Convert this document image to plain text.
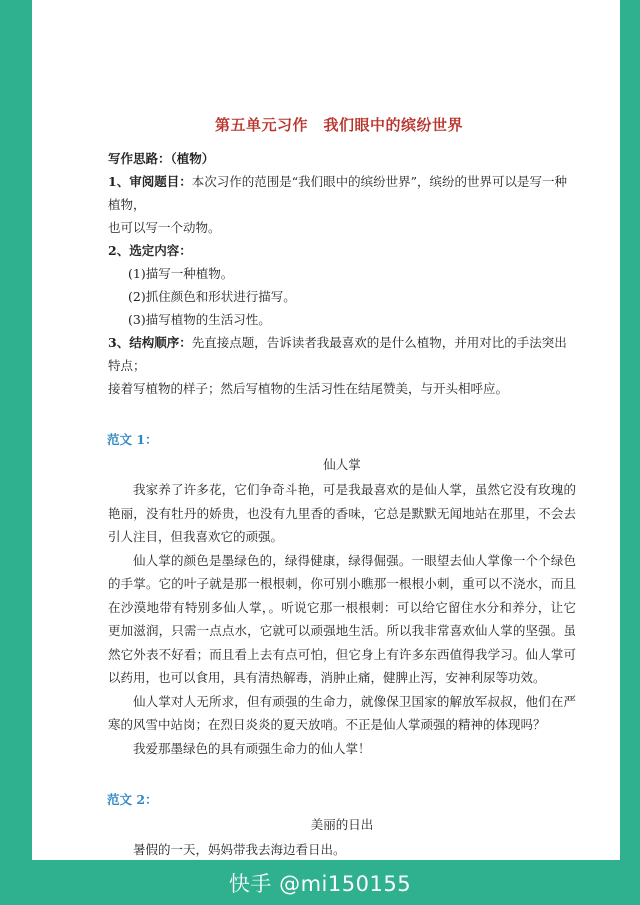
第五单元习作　我们眼中的缤纷世界

写作思路：（植物）

1、审阅题目：本次习作的范围是“我们眼中的缤纷世界”，缤纷的世界可以是写一种植物，

也可以写一个动物。

2、选定内容：

(1)描写一种植物。

(2)抓住颜色和形状进行描写。

(3)描写植物的生活习性。

3、结构顺序：先直接点题，告诉读者我最喜欢的是什么植物，并用对比的手法突出特点；

接着写植物的样子；然后写植物的生活习性在结尾赞美，与开头相呼应。

范文 1：
仙人掌

我家养了许多花，它们争奇斗艳，可是我最喜欢的是仙人掌，虽然它没有玫瑰的艳丽，没有牡丹的娇贵，也没有九里香的香味，它总是默默无闻地站在那里，不会去引人注目，但我喜欢它的顽强。

仙人掌的颜色是墨绿色的，绿得健康，绿得倔强。一眼望去仙人掌像一个个绿色的手掌。它的叶子就是那一根根刺，你可别小瞧那一根根小刺，重可以不浇水，而且在沙漠地带有特别多仙人掌，。听说它那一根根刺：可以给它留住水分和养分，让它更加滋润，只需一点点水，它就可以顽强地生活。所以我非常喜欢仙人掌的坚强。虽然它外表不好看；而且看上去有点可怕，但它身上有许多东西值得我学习。仙人掌可以药用，也可以食用，具有清热解毒，消肿止痛，健脾止泻，安神利尿等功效。

仙人掌对人无所求，但有顽强的生命力，就像保卫国家的解放军叔叔，他们在严寒的风雪中站岗；在烈日炎炎的夏天放哨。不正是仙人掌顽强的精神的体现吗？

我爱那墨绿色的具有顽强生命力的仙人掌！

范文 2：
美丽的日出

暑假的一天，妈妈带我去海边看日出。

快手 @mi150155
